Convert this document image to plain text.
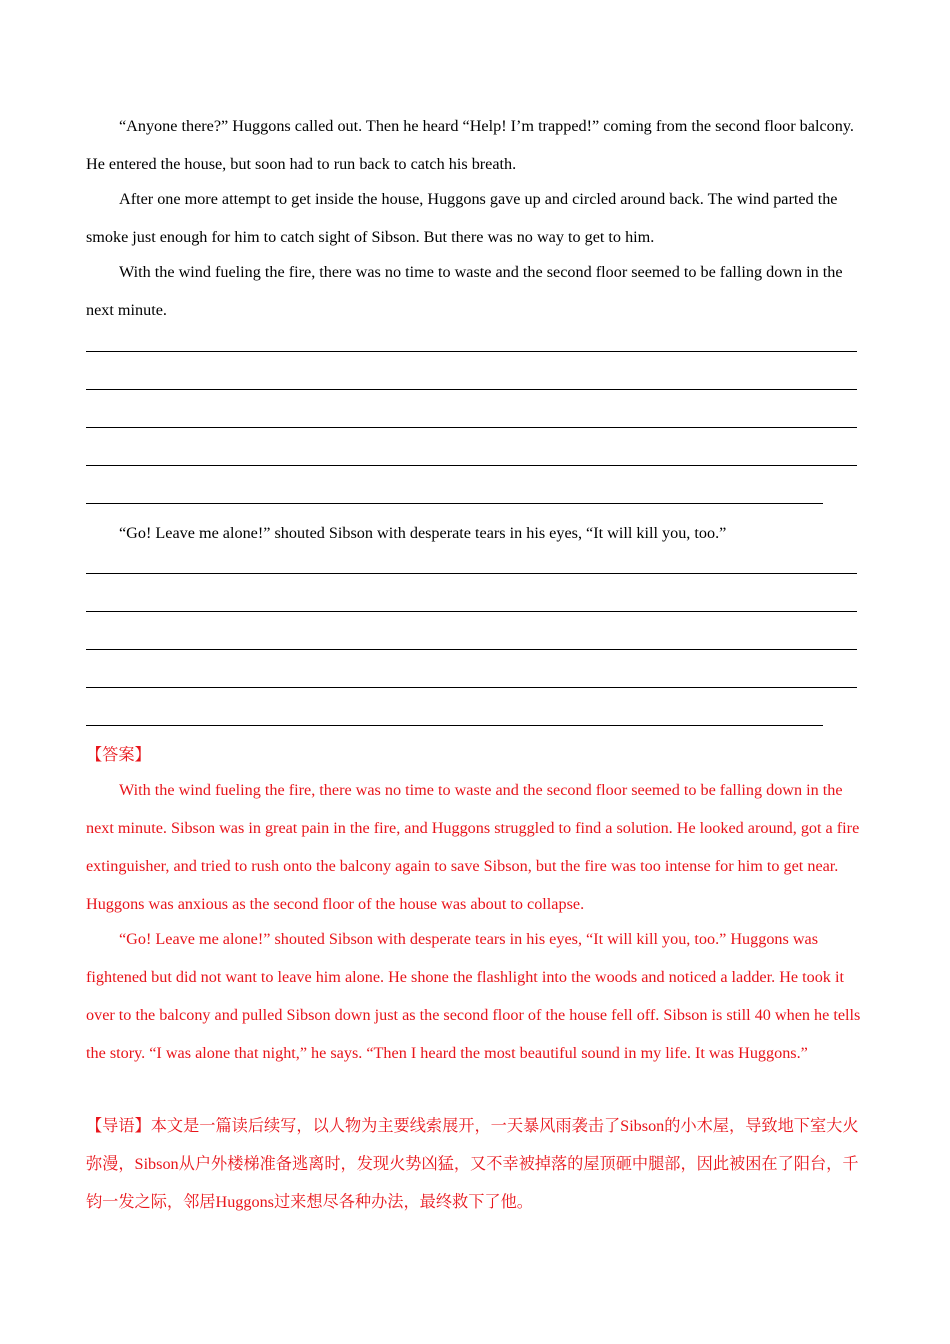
“Anyone there?” Huggons called out. Then he heard “Help! I’m trapped!” coming from the second floor balcony. He entered the house, but soon had to run back to catch his breath.

After one more attempt to get inside the house, Huggons gave up and circled around back. The wind parted the smoke just enough for him to catch sight of Sibson. But there was no way to get to him.

With the wind fueling the fire, there was no time to waste and the second floor seemed to be falling down in the next minute.

“Go! Leave me alone!” shouted Sibson with desperate tears in his eyes, “It will kill you, too.”

【答案】

With the wind fueling the fire, there was no time to waste and the second floor seemed to be falling down in the next minute. Sibson was in great pain in the fire, and Huggons struggled to find a solution. He looked around, got a fire extinguisher, and tried to rush onto the balcony again to save Sibson, but the fire was too intense for him to get near. Huggons was anxious as the second floor of the house was about to collapse.

“Go! Leave me alone!” shouted Sibson with desperate tears in his eyes, “It will kill you, too.” Huggons was fightened but did not want to leave him alone. He shone the flashlight into the woods and noticed a ladder. He took it over to the balcony and pulled Sibson down just as the second floor of the house fell off. Sibson is still 40 when he tells the story. “I was alone that night,” he says. “Then I heard the most beautiful sound in my life. It was Huggons.”

【导语】本文是一篇读后续写，以人物为主要线索展开，一天暴风雨袭击了Sibson的小木屋，导致地下室大火弥漫，Sibson从户外楼梯准备逃离时，发现火势凶猛，又不幸被掉落的屋顶砸中腿部，因此被困在了阳台，千钧一发之际，邻居Huggons过来想尽各种办法，最终救下了他。
